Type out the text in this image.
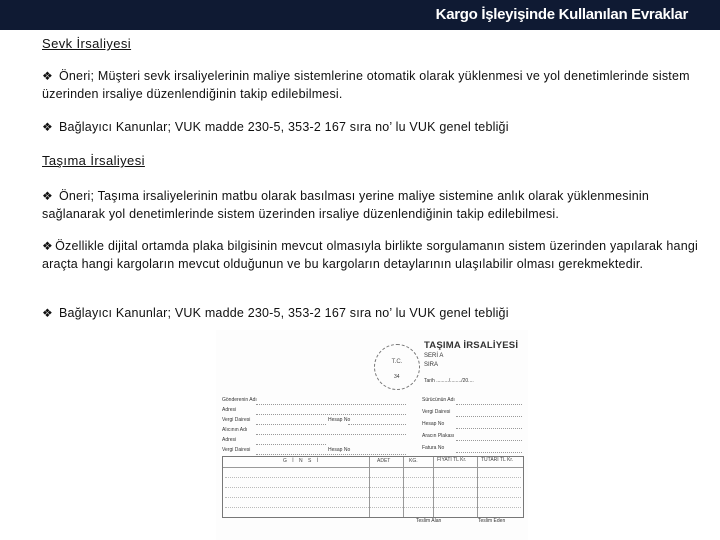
Kargo İşleyişinde Kullanılan Evraklar
Sevk İrsaliyesi
❖ Öneri; Müşteri sevk irsaliyelerinin maliye sistemlerine otomatik olarak yüklenmesi ve yol denetimlerinde sistem üzerinden irsaliye düzenlendiğinin takip edilebilmesi.
❖ Bağlayıcı Kanunlar; VUK madde 230-5, 353-2 167 sıra no’ lu VUK genel tebliği
Taşıma İrsaliyesi
❖ Öneri; Taşıma irsaliyelerinin matbu olarak basılması yerine maliye sistemine anlık olarak yüklenmesinin sağlanarak yol denetimlerinde sistem üzerinden irsaliye düzenlendiğinin takip edilebilmesi.
❖ Özellikle dijital ortamda plaka bilgisinin mevcut olmasıyla birlikte sorgulamanın sistem üzerinden yapılarak hangi araçta hangi kargoların mevcut olduğunun ve bu kargoların detaylarının ulaşılabilir olması gerekmektedir.
❖ Bağlayıcı Kanunlar; VUK madde 230-5, 353-2 167 sıra no’ lu VUK genel tebliği
T.C.
34
TAŞIMA İRSALİYESİ
SERİ A
SIRA
Tarih ........./......../20....
Gönderenin Adı
Adresi
Vergi Dairesi
Alıcının Adı
Adresi
Vergi Dairesi
Hesap No
Hesap No
Sürücünün Adı
Vergi Dairesi
Hesap No
Aracın Plakası
Fatura No
G İ N S İ	ADET	KG.	FİYATI TL Kr.	TUTARI TL Kr.
Teslim Alan	Teslim Eden
